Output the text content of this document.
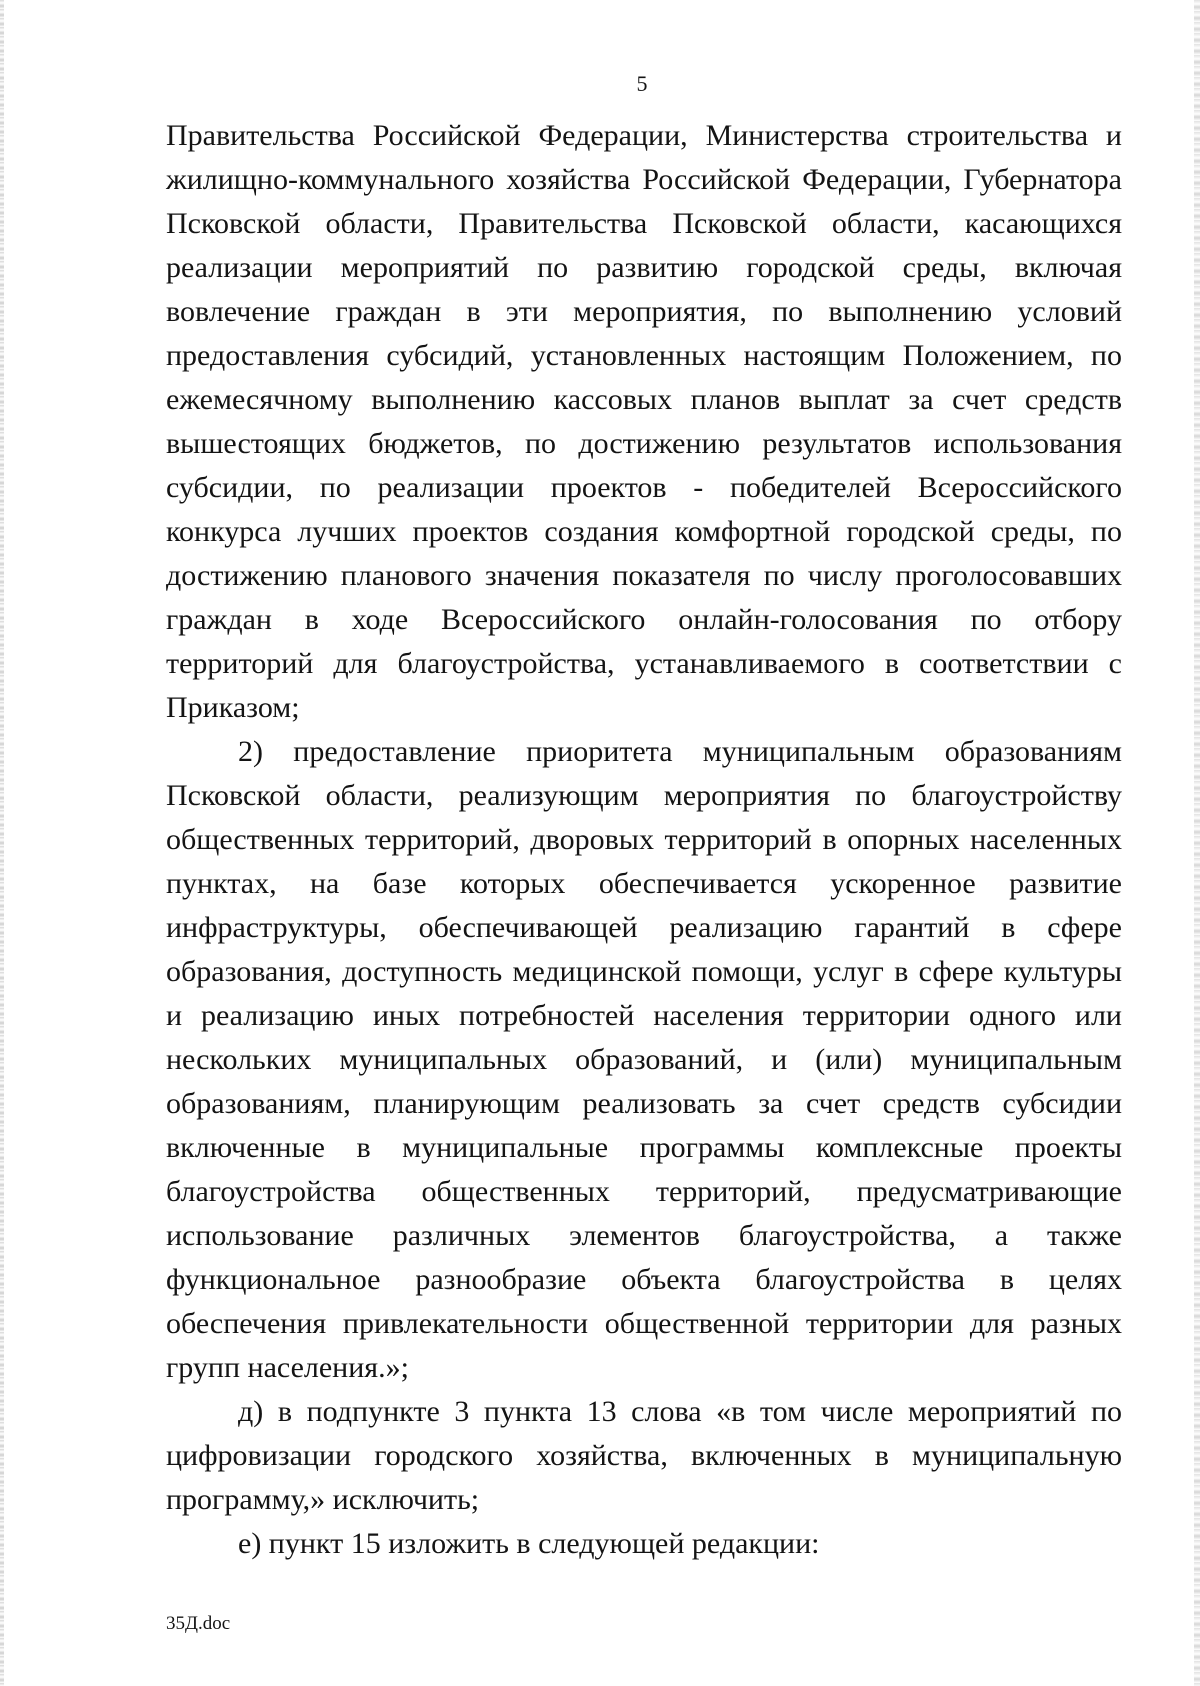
5

Правительства Российской Федерации, Министерства строительства и жилищно-коммунального хозяйства Российской Федерации, Губернатора Псковской области, Правительства Псковской области, касающихся реализации мероприятий по развитию городской среды, включая вовлечение граждан в эти мероприятия, по выполнению условий предоставления субсидий, установленных настоящим Положением, по ежемесячному выполнению кассовых планов выплат за счет средств вышестоящих бюджетов, по достижению результатов использования субсидии, по реализации проектов - победителей Всероссийского конкурса лучших проектов создания комфортной городской среды, по достижению планового значения показателя по числу проголосовавших граждан в ходе Всероссийского онлайн-голосования по отбору территорий для благоустройства, устанавливаемого в соответствии с Приказом;

2) предоставление приоритета муниципальным образованиям Псковской области, реализующим мероприятия по благоустройству общественных территорий, дворовых территорий в опорных населенных пунктах, на базе которых обеспечивается ускоренное развитие инфраструктуры, обеспечивающей реализацию гарантий в сфере образования, доступность медицинской помощи, услуг в сфере культуры и реализацию иных потребностей населения территории одного или нескольких муниципальных образований, и (или) муниципальным образованиям, планирующим реализовать за счет средств субсидии включенные в муниципальные программы комплексные проекты благоустройства общественных территорий, предусматривающие использование различных элементов благоустройства, а также функциональное разнообразие объекта благоустройства в целях обеспечения привлекательности общественной территории для разных групп населения.»;

д) в подпункте 3 пункта 13 слова «в том числе мероприятий по цифровизации городского хозяйства, включенных в муниципальную программу,» исключить;

е) пункт 15 изложить в следующей редакции:

35Д.doc
